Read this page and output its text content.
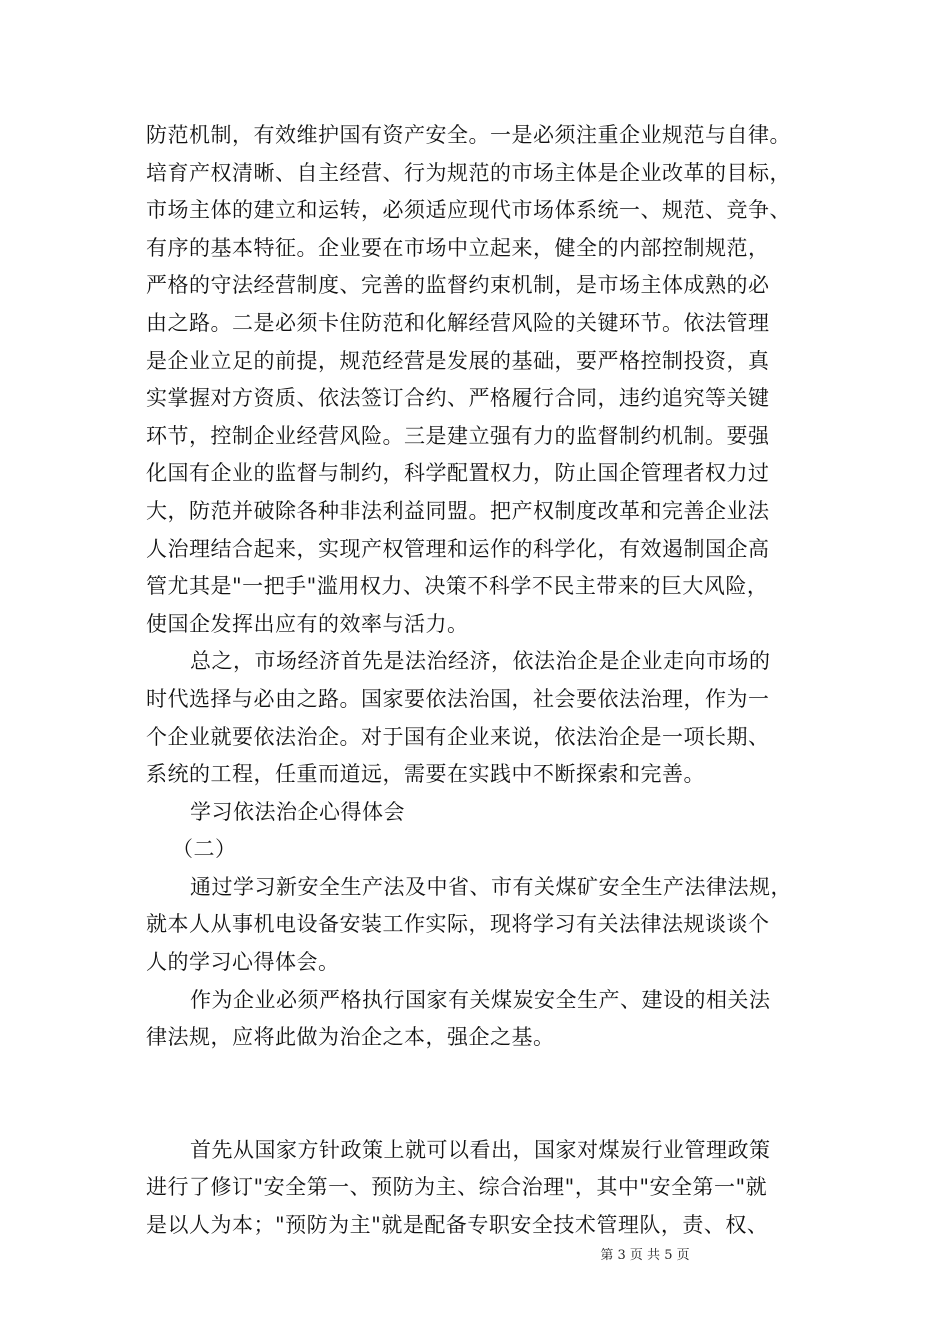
防范机制，有效维护国有资产安全。一是必须注重企业规范与自律。
培育产权清晰、自主经营、行为规范的市场主体是企业改革的目标，
市场主体的建立和运转，必须适应现代市场体系统一、规范、竞争、
有序的基本特征。企业要在市场中立起来，健全的内部控制规范，
严格的守法经营制度、完善的监督约束机制，是市场主体成熟的必
由之路。二是必须卡住防范和化解经营风险的关键环节。依法管理
是企业立足的前提，规范经营是发展的基础，要严格控制投资，真
实掌握对方资质、依法签订合约、严格履行合同，违约追究等关键
环节，控制企业经营风险。三是建立强有力的监督制约机制。要强
化国有企业的监督与制约，科学配置权力，防止国企管理者权力过
大，防范并破除各种非法利益同盟。把产权制度改革和完善企业法
人治理结合起来，实现产权管理和运作的科学化，有效遏制国企高
管尤其是"一把手"滥用权力、决策不科学不民主带来的巨大风险，
使国企发挥出应有的效率与活力。
总之，市场经济首先是法治经济，依法治企是企业走向市场的
时代选择与必由之路。国家要依法治国，社会要依法治理，作为一
个企业就要依法治企。对于国有企业来说，依法治企是一项长期、
系统的工程，任重而道远，需要在实践中不断探索和完善。
学习依法治企心得体会
（二）
通过学习新安全生产法及中省、市有关煤矿安全生产法律法规，
就本人从事机电设备安装工作实际，现将学习有关法律法规谈谈个
人的学习心得体会。
作为企业必须严格执行国家有关煤炭安全生产、建设的相关法
律法规，应将此做为治企之本，强企之基。
首先从国家方针政策上就可以看出，国家对煤炭行业管理政策
进行了修订"安全第一、预防为主、综合治理"，其中"安全第一"就
是以人为本；"预防为主"就是配备专职安全技术管理队，责、权、
第 3 页 共 5 页
